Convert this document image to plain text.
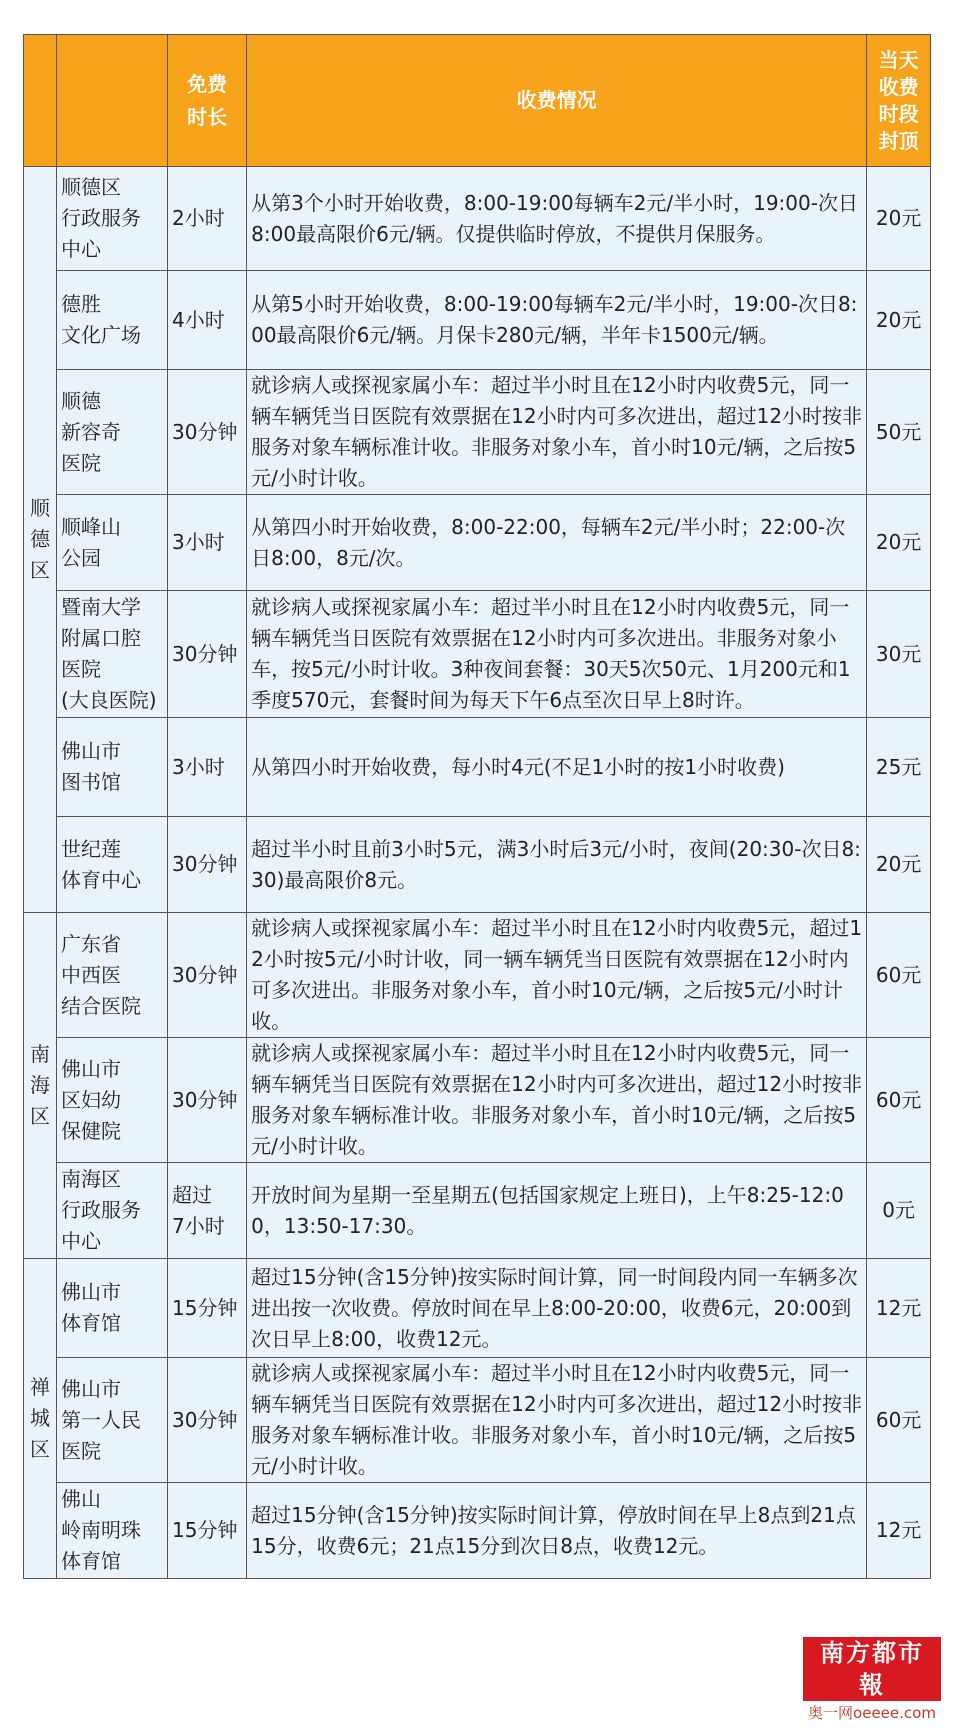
		免费
时长	收费情况	当天
收费
时段
封顶
顺
德
区	顺德区
行政服务
中心	2小时	从第3个小时开始收费，8:00-19:00每辆车2元/半小时，19:00-次日8:00最高限价6元/辆。仅提供临时停放，不提供月保服务。	20元
	德胜
文化广场	4小时	从第5小时开始收费，8:00-19:00每辆车2元/半小时，19:00-次日8:00最高限价6元/辆。月保卡280元/辆，半年卡1500元/辆。	20元
	顺德
新容奇
医院	30分钟	就诊病人或探视家属小车：超过半小时且在12小时内收费5元，同一辆车辆凭当日医院有效票据在12小时内可多次进出，超过12小时按非服务对象车辆标准计收。非服务对象小车，首小时10元/辆，之后按5元/小时计收。	50元
	顺峰山
公园	3小时	从第四小时开始收费，8:00-22:00，每辆车2元/半小时；22:00-次日8:00，8元/次。	20元
	暨南大学
附属口腔
医院
(大良医院)	30分钟	就诊病人或探视家属小车：超过半小时且在12小时内收费5元，同一辆车辆凭当日医院有效票据在12小时内可多次进出。非服务对象小车，按5元/小时计收。3种夜间套餐：30天5次50元、1月200元和1季度570元，套餐时间为每天下午6点至次日早上8时许。	30元
	佛山市
图书馆	3小时	从第四小时开始收费，每小时4元(不足1小时的按1小时收费)	25元
	世纪莲
体育中心	30分钟	超过半小时且前3小时5元，满3小时后3元/小时，夜间(20:30-次日8:30)最高限价8元。	20元
南
海
区	广东省
中西医
结合医院	30分钟	就诊病人或探视家属小车：超过半小时且在12小时内收费5元，超过12小时按5元/小时计收，同一辆车辆凭当日医院有效票据在12小时内可多次进出。非服务对象小车，首小时10元/辆，之后按5元/小时计收。	60元
	佛山市
区妇幼
保健院	30分钟	就诊病人或探视家属小车：超过半小时且在12小时内收费5元，同一辆车辆凭当日医院有效票据在12小时内可多次进出，超过12小时按非服务对象车辆标准计收。非服务对象小车，首小时10元/辆，之后按5元/小时计收。	60元
	南海区
行政服务
中心	超过
7小时	开放时间为星期一至星期五(包括国家规定上班日)，上午8:25-12:00，13:50-17:30。	0元
禅
城
区	佛山市
体育馆	15分钟	超过15分钟(含15分钟)按实际时间计算，同一时间段内同一车辆多次进出按一次收费。停放时间在早上8:00-20:00，收费6元，20:00到次日早上8:00，收费12元。	12元
	佛山市
第一人民
医院	30分钟	就诊病人或探视家属小车：超过半小时且在12小时内收费5元，同一辆车辆凭当日医院有效票据在12小时内可多次进出，超过12小时按非服务对象车辆标准计收。非服务对象小车，首小时10元/辆，之后按5元/小时计收。	60元
	佛山
岭南明珠
体育馆	15分钟	超过15分钟(含15分钟)按实际时间计算，停放时间在早上8点到21点15分，收费6元；21点15分到次日8点，收费12元。	12元
南方都市報
奥一网oeeee.com
